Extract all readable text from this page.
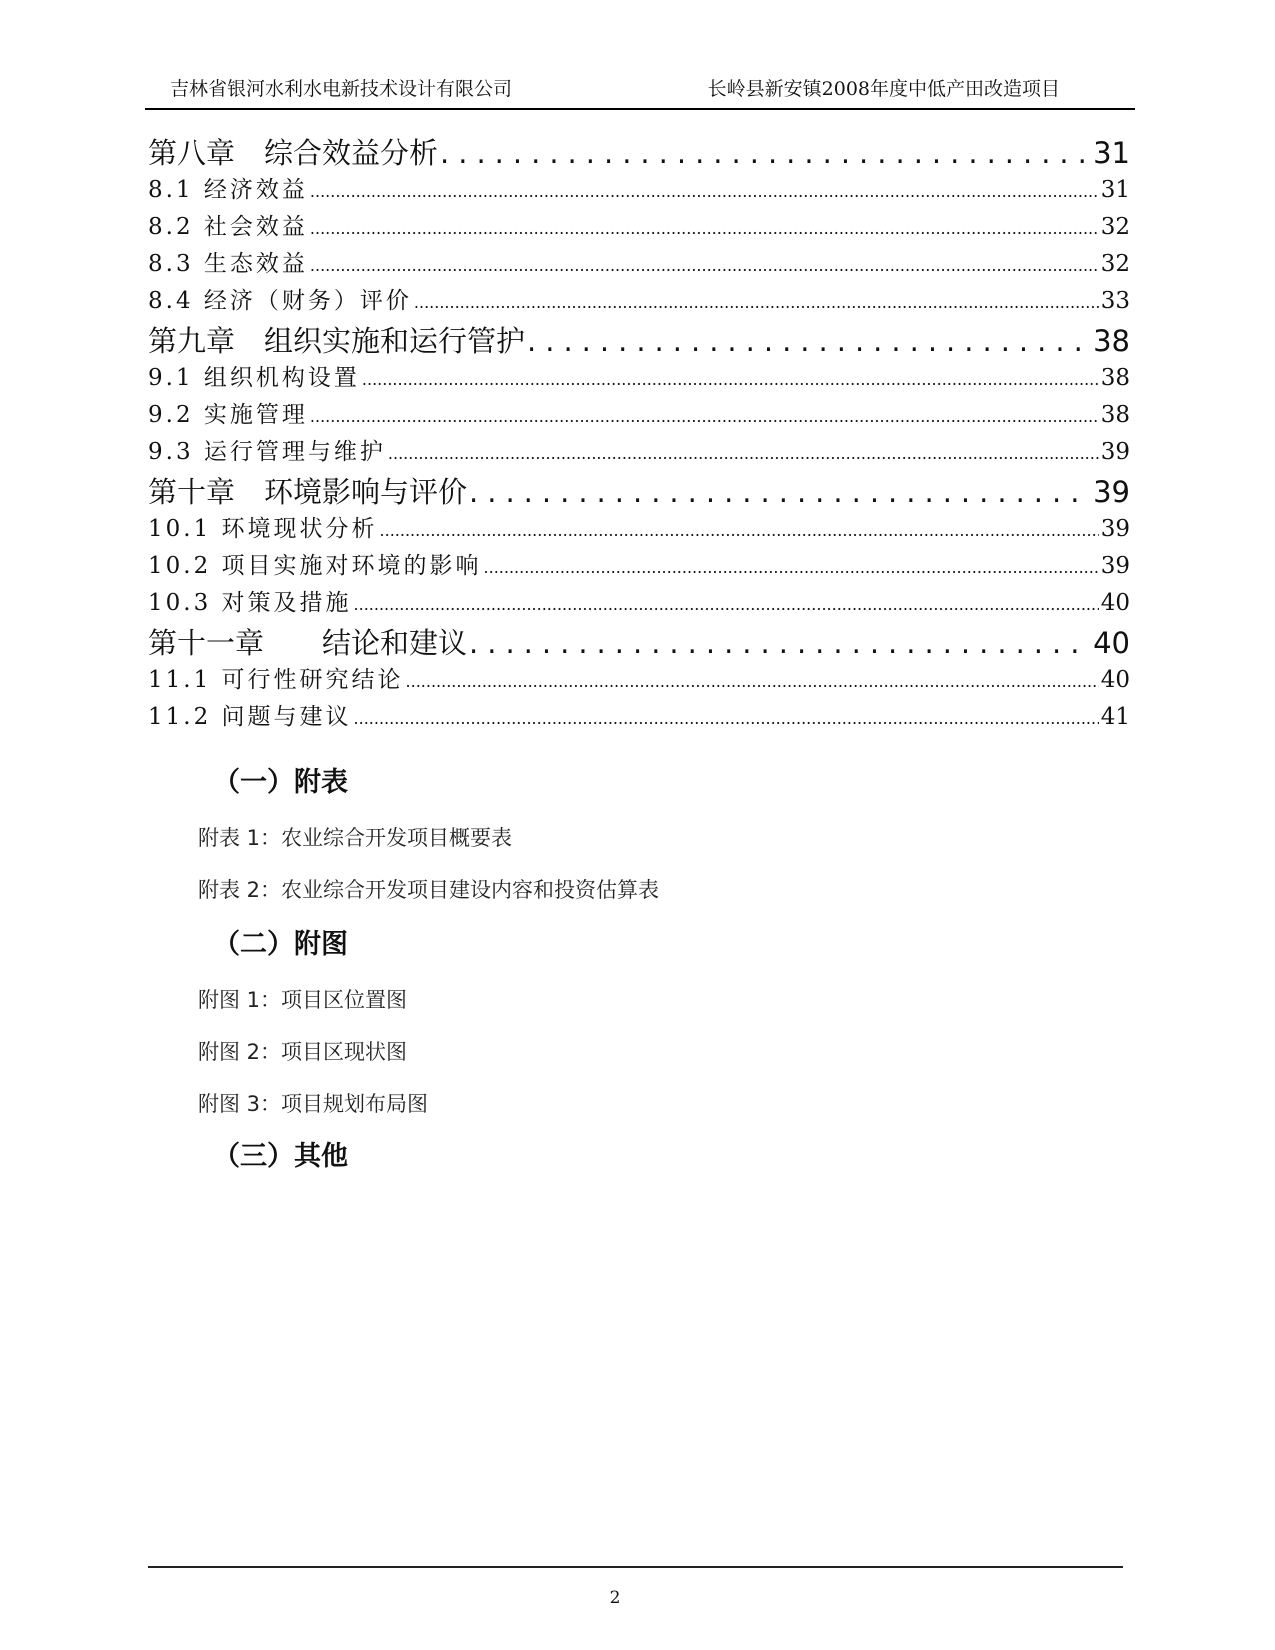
吉林省银河水利水电新技术设计有限公司	长岭县新安镇2008年度中低产田改造项目
第八章　综合效益分析 .....	31
8.1 经济效益 .....	31
8.2 社会效益 .....	32
8.3 生态效益 .....	32
8.4 经济（财务）评价 .....	33
第九章　组织实施和运行管护 .....	38
9.1 组织机构设置 .....	38
9.2 实施管理 .....	38
9.3 运行管理与维护 .....	39
第十章　环境影响与评价 .....	39
10.1 环境现状分析 .....	39
10.2 项目实施对环境的影响 .....	39
10.3 对策及措施 .....	40
第十一章　　结论和建议 .....	40
11.1 可行性研究结论 .....	40
11.2 问题与建议 .....	41
（一）附表
附表 1：农业综合开发项目概要表
附表 2：农业综合开发项目建设内容和投资估算表
（二）附图
附图 1：项目区位置图
附图 2：项目区现状图
附图 3：项目规划布局图
（三）其他
2
